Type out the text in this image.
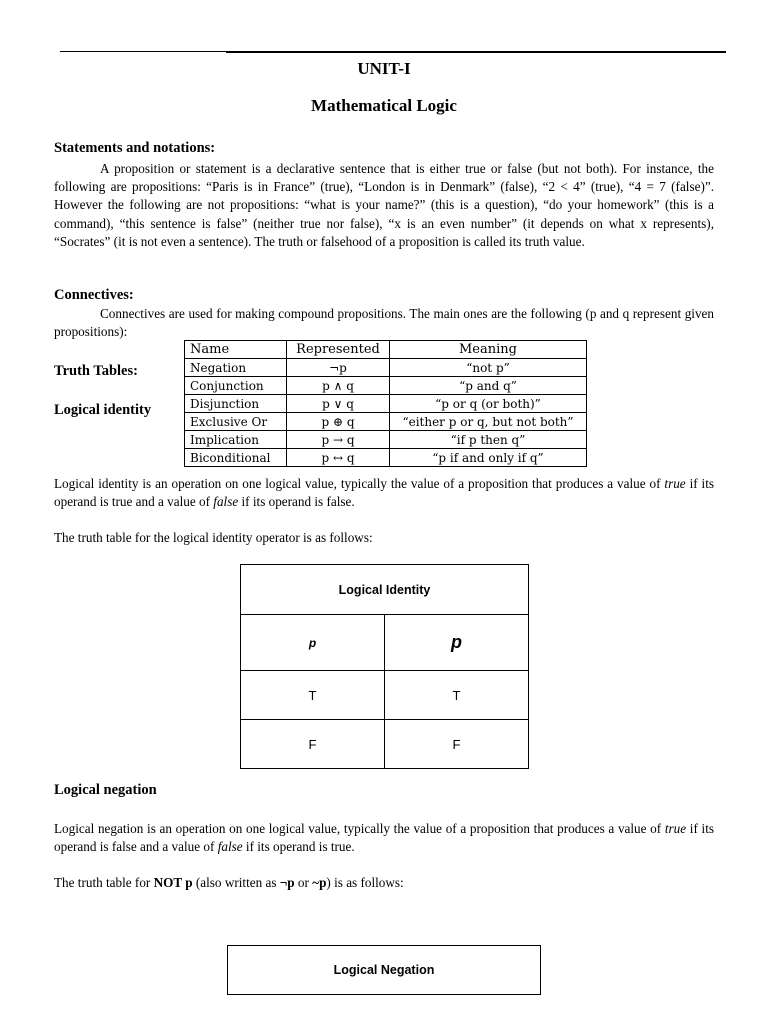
UNIT-I
Mathematical Logic
Statements and notations:
A proposition or statement is a declarative sentence that is either true or false (but not both). For instance, the following are propositions: “Paris is in France” (true), “London is in Denmark” (false), “2 < 4” (true), “4 = 7 (false)”. However the following are not propositions: “what is your name?” (this is a question), “do your homework” (this is a command), “this sentence is false” (neither true nor false), “x is an even number” (it depends on what x represents), “Socrates” (it is not even a sentence). The truth or falsehood of a proposition is called its truth value.
Connectives:
Connectives are used for making compound propositions. The main ones are the following (p and q represent given propositions):
Truth Tables:
Logical identity
Name	Represented	Meaning
Negation	¬p	“not p”
Conjunction	p ∧ q	“p and q”
Disjunction	p ∨ q	“p or q (or both)”
Exclusive Or	p ⊕ q	“either p or q, but not both”
Implication	p → q	“if p then q”
Biconditional	p ↔ q	“p if and only if q”
Logical identity is an operation on one logical value, typically the value of a proposition that produces a value of true if its operand is true and a value of false if its operand is false.
The truth table for the logical identity operator is as follows:
Logical Identity	
p	p
T	T
F	F
Logical negation
Logical negation is an operation on one logical value, typically the value of a proposition that produces a value of true if its operand is false and a value of false if its operand is true.
The truth table for NOT p (also written as ¬p or ~p) is as follows:
Logical Negation
